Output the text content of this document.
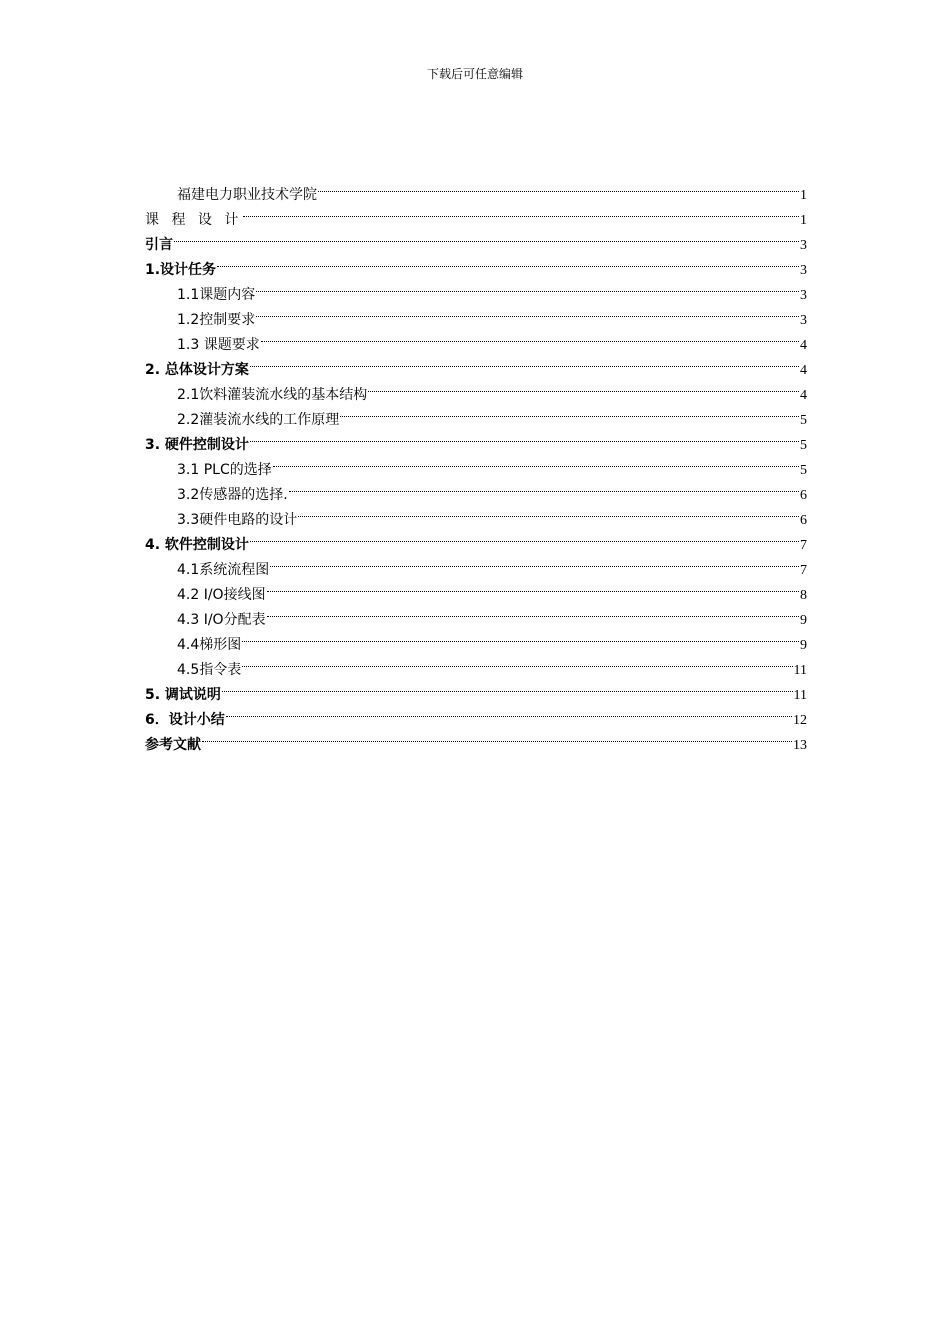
下载后可任意编辑
福建电力职业技术学院	1
课 程 设 计	1
引言	3
1.设计任务	3
1.1课题内容	3
1.2控制要求	3
1.3 课题要求	4
2. 总体设计方案	4
2.1饮料灌装流水线的基本结构	4
2.2灌装流水线的工作原理	5
3. 硬件控制设计	5
3.1 PLC的选择	5
3.2传感器的选择.	6
3.3硬件电路的设计	6
4. 软件控制设计	7
4.1系统流程图	7
4.2 I/O接线图	8
4.3 I/O分配表	9
4.4梯形图	9
4.5指令表	11
5. 调试说明	11
6．设计小结	12
参考文献	13
